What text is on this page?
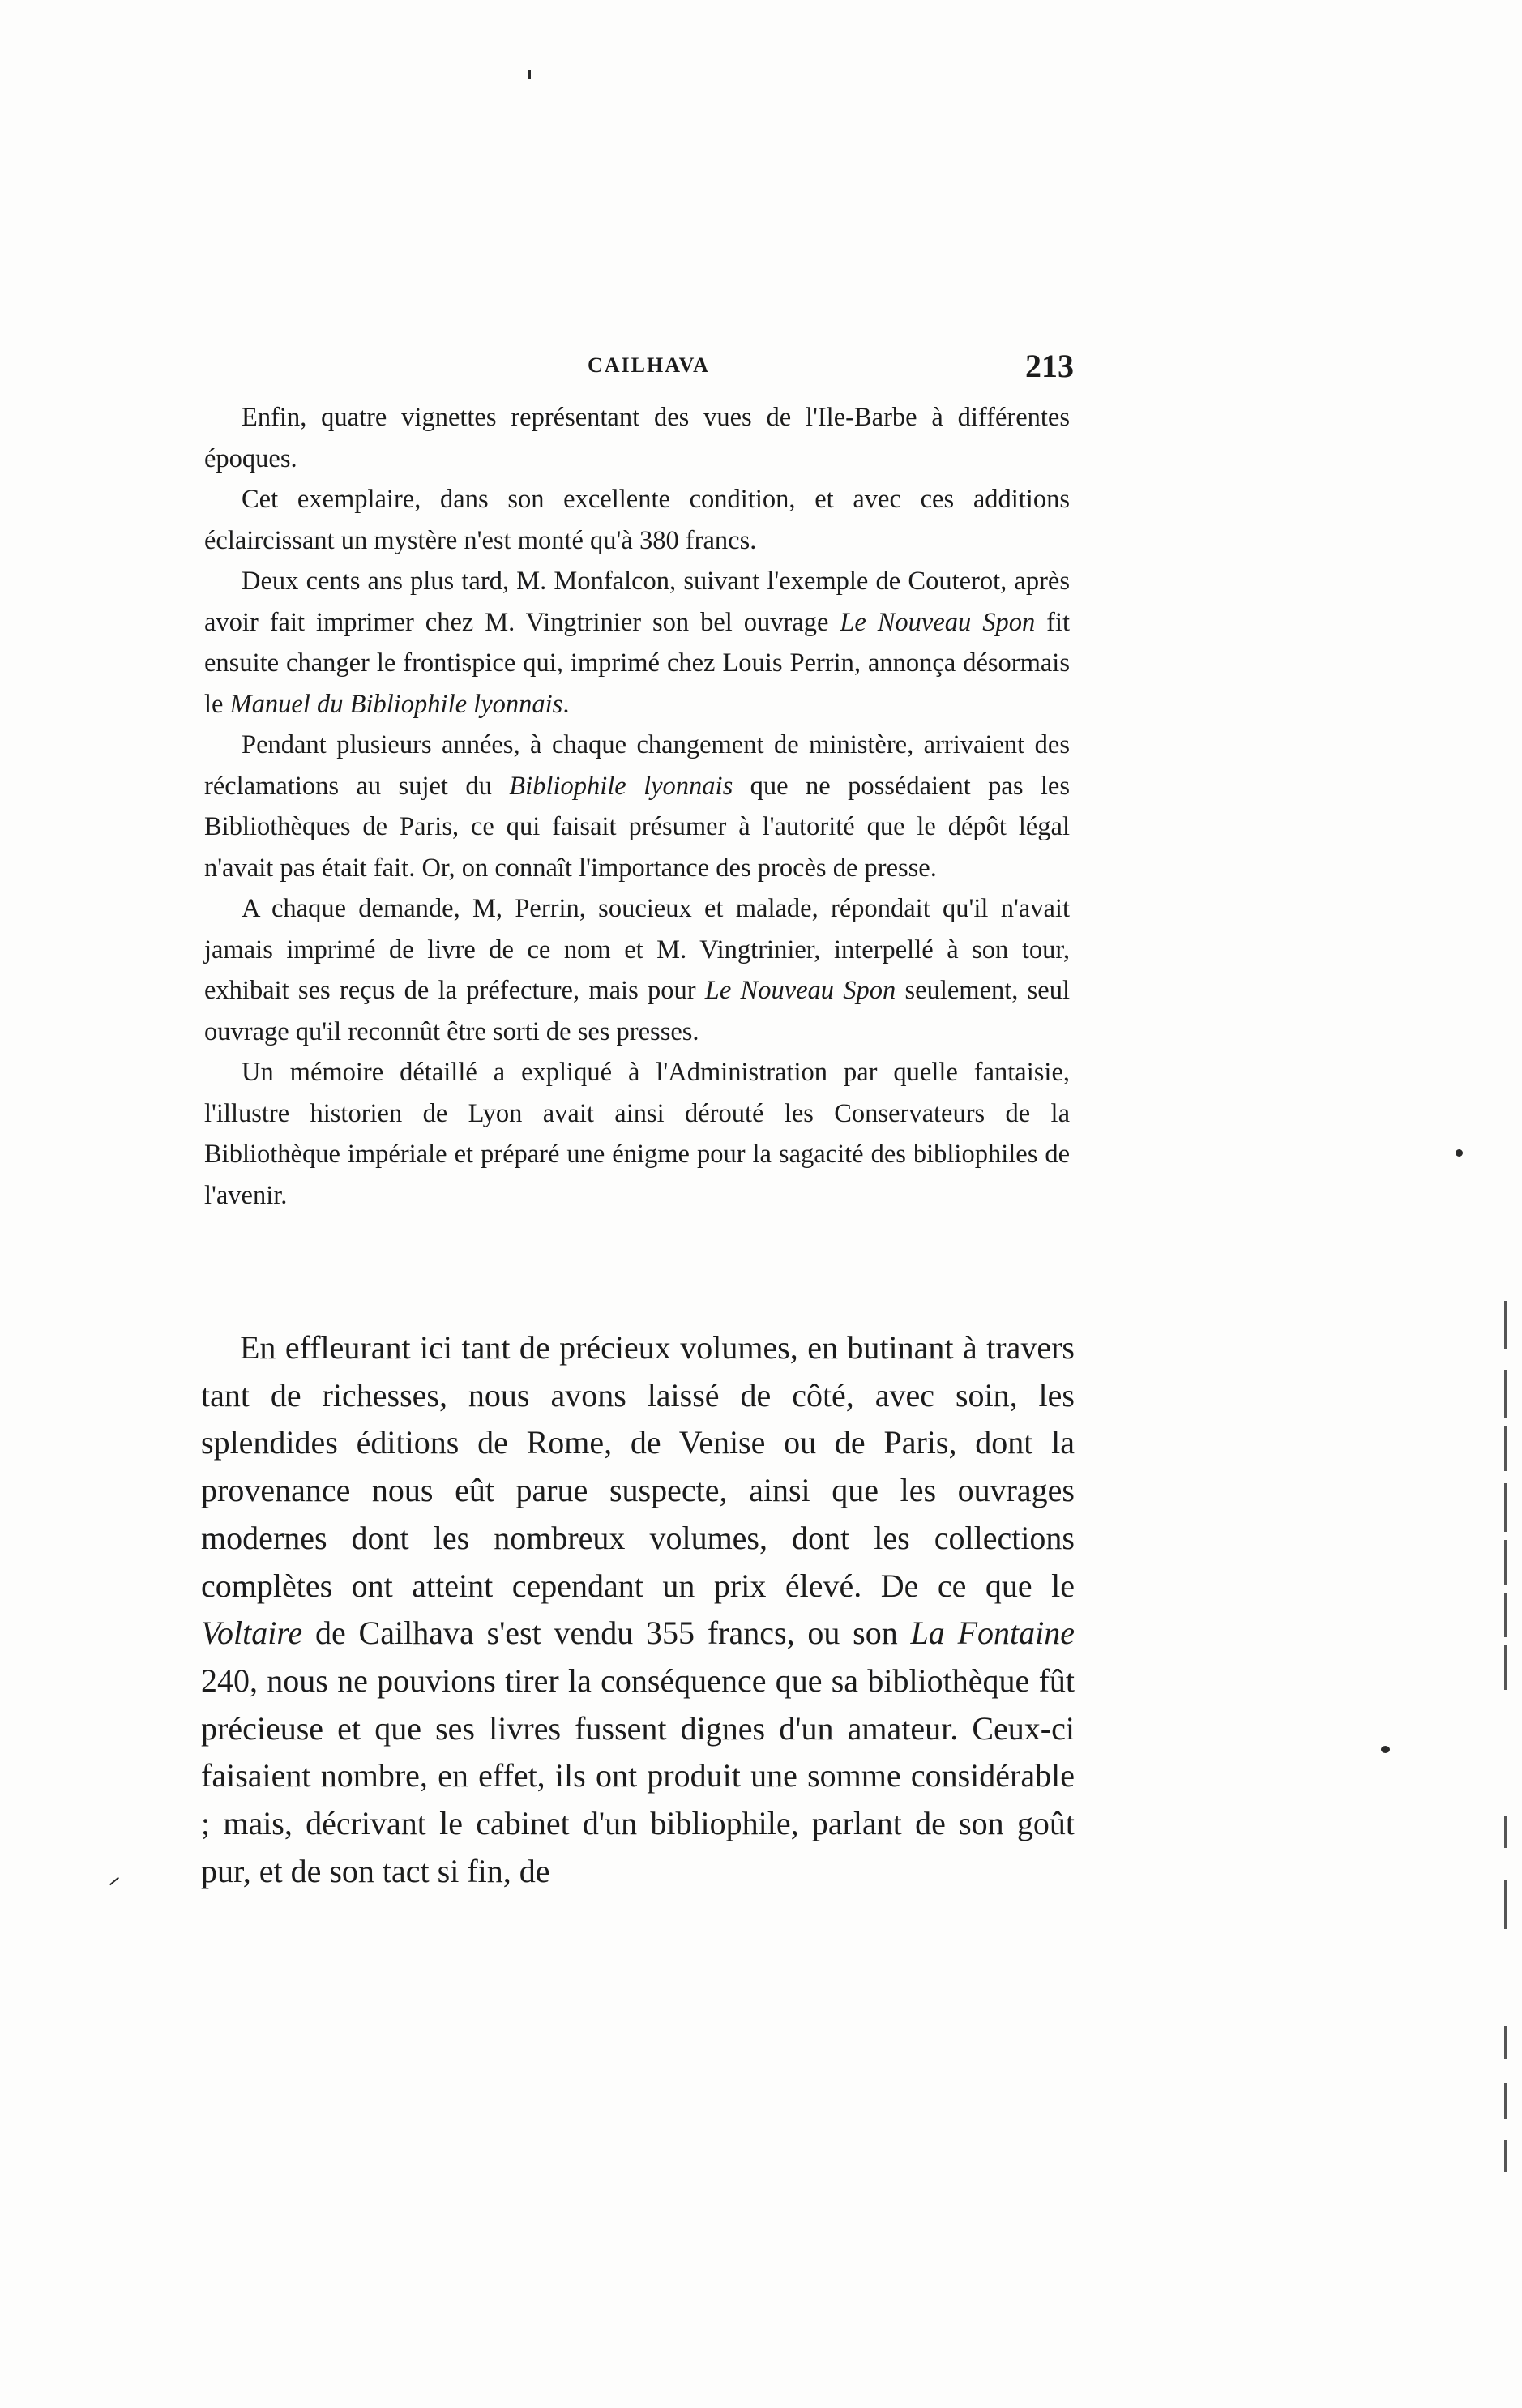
CAILHAVA	213

Enfin, quatre vignettes représentant des vues de l'Ile-Barbe à différentes époques.

Cet exemplaire, dans son excellente condition, et avec ces additions éclaircissant un mystère n'est monté qu'à 380 francs.

Deux cents ans plus tard, M. Monfalcon, suivant l'exemple de Couterot, après avoir fait imprimer chez M. Vingtrinier son bel ouvrage Le Nouveau Spon fit ensuite changer le frontispice qui, imprimé chez Louis Perrin, annonça désormais le Manuel du Bibliophile lyonnais.

Pendant plusieurs années, à chaque changement de ministère, arrivaient des réclamations au sujet du Bibliophile lyonnais que ne possédaient pas les Bibliothèques de Paris, ce qui faisait présumer à l'autorité que le dépôt légal n'avait pas était fait. Or, on connaît l'importance des procès de presse.

A chaque demande, M, Perrin, soucieux et malade, répondait qu'il n'avait jamais imprimé de livre de ce nom et M. Vingtrinier, interpellé à son tour, exhibait ses reçus de la préfecture, mais pour Le Nouveau Spon seulement, seul ouvrage qu'il reconnût être sorti de ses presses.

Un mémoire détaillé a expliqué à l'Administration par quelle fantaisie, l'illustre historien de Lyon avait ainsi dérouté les Conservateurs de la Bibliothèque impériale et préparé une énigme pour la sagacité des bibliophiles de l'avenir.

En effleurant ici tant de précieux volumes, en butinant à travers tant de richesses, nous avons laissé de côté, avec soin, les splendides éditions de Rome, de Venise ou de Paris, dont la provenance nous eût parue suspecte, ainsi que les ouvrages modernes dont les nombreux volumes, dont les collections complètes ont atteint cependant un prix élevé. De ce que le Voltaire de Cailhava s'est vendu 355 francs, ou son La Fontaine 240, nous ne pouvions tirer la conséquence que sa bibliothèque fût précieuse et que ses livres fussent dignes d'un amateur. Ceux-ci faisaient nombre, en effet, ils ont produit une somme considérable ; mais, décrivant le cabinet d'un bibliophile, parlant de son goût pur, et de son tact si fin, de
